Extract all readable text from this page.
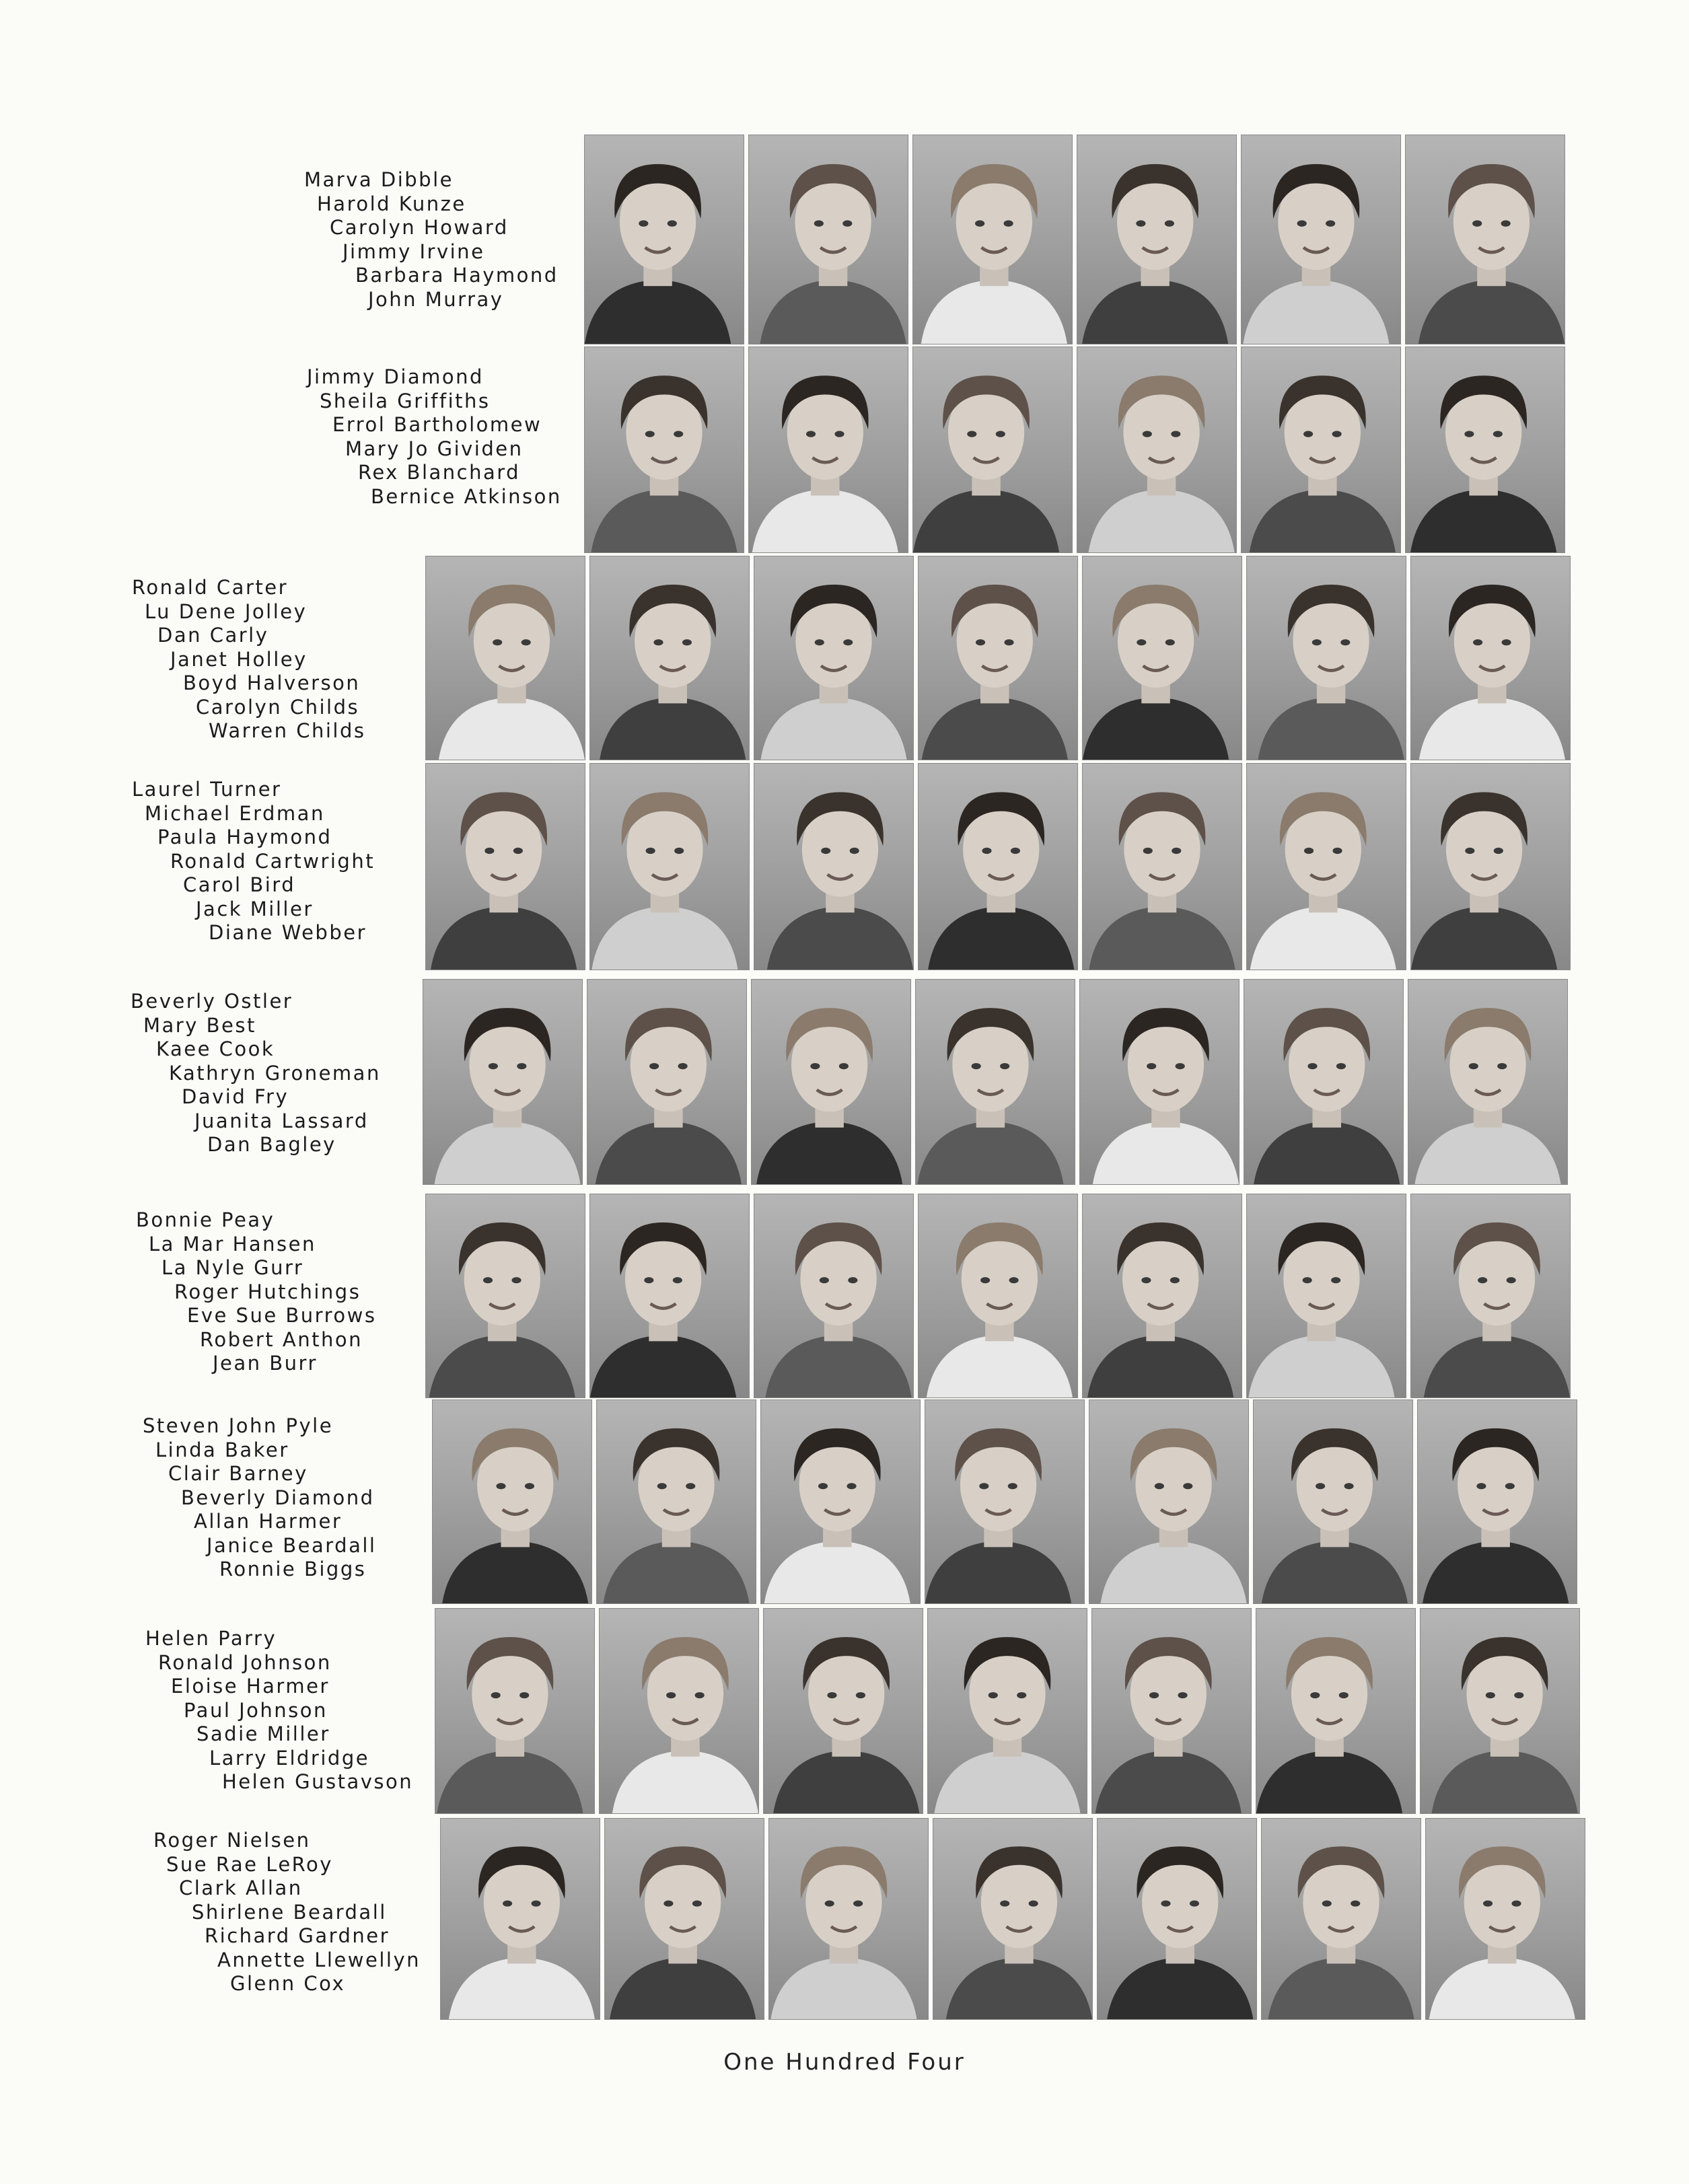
Marva Dibble
Harold Kunze
Carolyn Howard
Jimmy Irvine
Barbara Haymond
John Murray
Jimmy Diamond
Sheila Griffiths
Errol Bartholomew
Mary Jo Gividen
Rex Blanchard
Bernice Atkinson
Ronald Carter
Lu Dene Jolley
Dan Carly
Janet Holley
Boyd Halverson
Carolyn Childs
Warren Childs
Laurel Turner
Michael Erdman
Paula Haymond
Ronald Cartwright
Carol Bird
Jack Miller
Diane Webber
Beverly Ostler
Mary Best
Kaee Cook
Kathryn Groneman
David Fry
Juanita Lassard
Dan Bagley
Bonnie Peay
La Mar Hansen
La Nyle Gurr
Roger Hutchings
Eve Sue Burrows
Robert Anthon
Jean Burr
Steven John Pyle
Linda Baker
Clair Barney
Beverly Diamond
Allan Harmer
Janice Beardall
Ronnie Biggs
Helen Parry
Ronald Johnson
Eloise Harmer
Paul Johnson
Sadie Miller
Larry Eldridge
Helen Gustavson
Roger Nielsen
Sue Rae LeRoy
Clark Allan
Shirlene Beardall
Richard Gardner
Annette Llewellyn
Glenn Cox
One Hundred Four
